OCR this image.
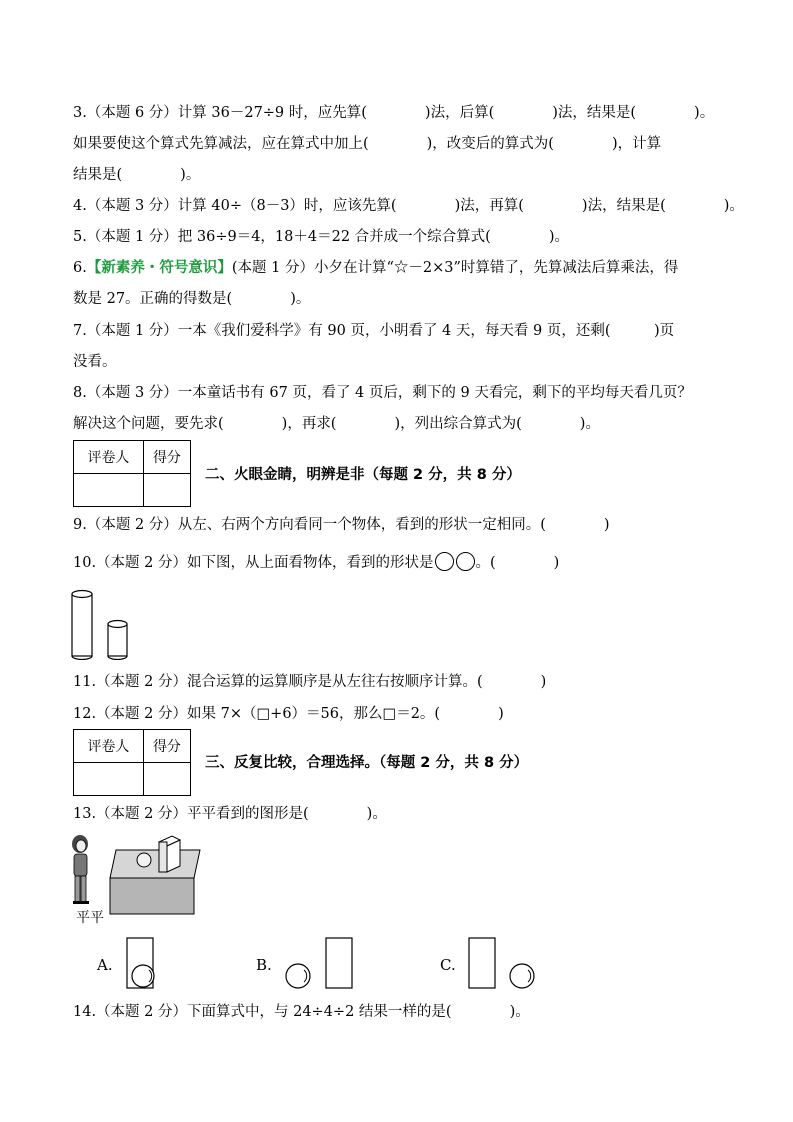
3.（本题 6 分）计算 36－27÷9 时，应先算(　　　　)法，后算(　　　　)法，结果是(　　　　)。
如果要使这个算式先算减法，应在算式中加上(　　　　)，改变后的算式为(　　　　)，计算
结果是(　　　　)。
4.（本题 3 分）计算 40÷（8－3）时，应该先算(　　　　)法，再算(　　　　)法，结果是(　　　　)。
5.（本题 1 分）把 36÷9＝4，18＋4＝22 合并成一个综合算式(　　　　)。
6.【新素养・符号意识】(本题 1 分）小夕在计算“☆－2×3”时算错了，先算减法后算乘法，得
数是 27。正确的得数是(　　　　)。
7.（本题 1 分）一本《我们爱科学》有 90 页，小明看了 4 天，每天看 9 页，还剩(　　　)页
没看。
8.（本题 3 分）一本童话书有 67 页，看了 4 页后，剩下的 9 天看完，剩下的平均每天看几页？
解决这个问题，要先求(　　　　)，再求(　　　　)，列出综合算式为(　　　　)。
评卷人	得分

二、火眼金睛，明辨是非（每题 2 分，共 8 分）
9.（本题 2 分）从左、右两个方向看同一个物体，看到的形状一定相同。(　　　　)
10.（本题 2 分）如下图，从上面看物体，看到的形状是	。(　　　　)
11.（本题 2 分）混合运算的运算顺序是从左往右按顺序计算。(　　　　)
12.（本题 2 分）如果 7×（□+6）＝56，那么□＝2。(　　　　)
评卷人	得分

三、反复比较，合理选择。（每题 2 分，共 8 分）
13.（本题 2 分）平平看到的图形是(　　　　)。
平平
A.	B.	C.
14.（本题 2 分）下面算式中，与 24÷4÷2 结果一样的是(　　　　)。
